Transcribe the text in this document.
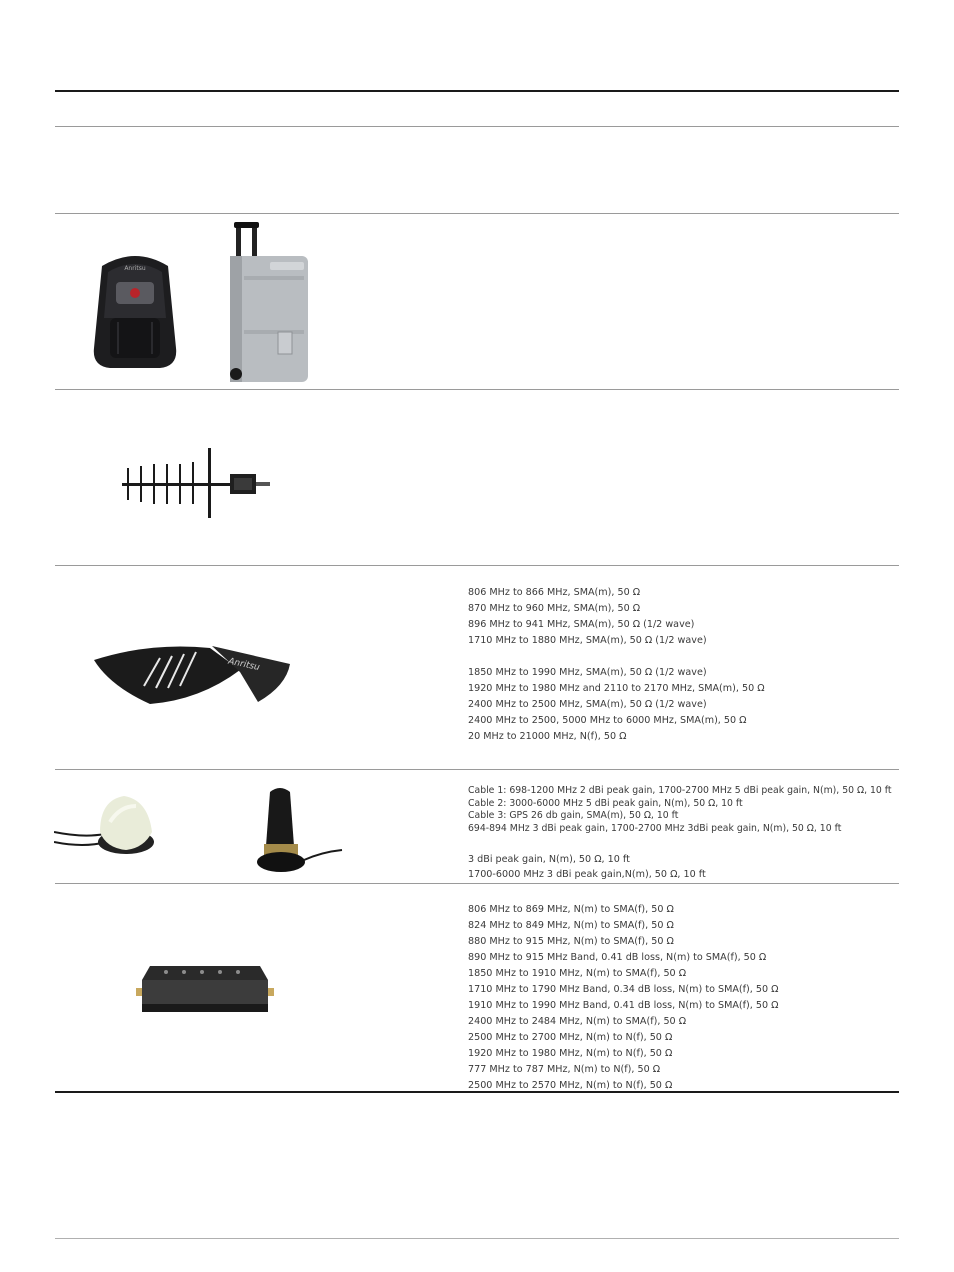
Anritsu
Anritsu
806 MHz to 866 MHz, SMA(m), 50 Ω
870 MHz to 960 MHz, SMA(m), 50 Ω
896 MHz to 941 MHz, SMA(m), 50 Ω (1/2 wave)
1710 MHz to 1880 MHz, SMA(m), 50 Ω (1/2 wave)
1850 MHz to 1990 MHz, SMA(m), 50 Ω (1/2 wave)
1920 MHz to 1980 MHz and 2110 to 2170 MHz, SMA(m), 50 Ω
2400 MHz to 2500 MHz, SMA(m), 50 Ω (1/2 wave)
2400 MHz to 2500, 5000 MHz to 6000 MHz, SMA(m), 50 Ω
20 MHz to 21000 MHz, N(f), 50 Ω
Cable 1: 698-1200 MHz 2 dBi peak gain, 1700-2700 MHz 5 dBi peak gain, N(m), 50 Ω, 10 ft
Cable 2: 3000-6000 MHz 5 dBi peak gain, N(m), 50 Ω, 10 ft
Cable 3: GPS 26 db gain, SMA(m), 50 Ω, 10 ft
694-894 MHz 3 dBi peak gain, 1700-2700 MHz 3dBi peak gain, N(m), 50 Ω, 10 ft
3 dBi peak gain, N(m), 50 Ω, 10 ft
1700-6000 MHz 3 dBi peak gain,N(m), 50 Ω, 10 ft
806 MHz to 869 MHz, N(m) to SMA(f), 50 Ω
824 MHz to 849 MHz, N(m) to SMA(f), 50 Ω
880 MHz to 915 MHz, N(m) to SMA(f), 50 Ω
890 MHz to 915 MHz Band, 0.41 dB loss, N(m) to SMA(f), 50 Ω
1850 MHz to 1910 MHz, N(m) to SMA(f), 50 Ω
1710 MHz to 1790 MHz Band, 0.34 dB loss, N(m) to SMA(f), 50 Ω
1910 MHz to 1990 MHz Band, 0.41 dB loss, N(m) to SMA(f), 50 Ω
2400 MHz to 2484 MHz, N(m) to SMA(f), 50 Ω
2500 MHz to 2700 MHz, N(m) to N(f), 50 Ω
1920 MHz to 1980 MHz, N(m) to N(f), 50 Ω
777 MHz to 787 MHz, N(m) to N(f), 50 Ω
2500 MHz to 2570 MHz, N(m) to N(f), 50 Ω
